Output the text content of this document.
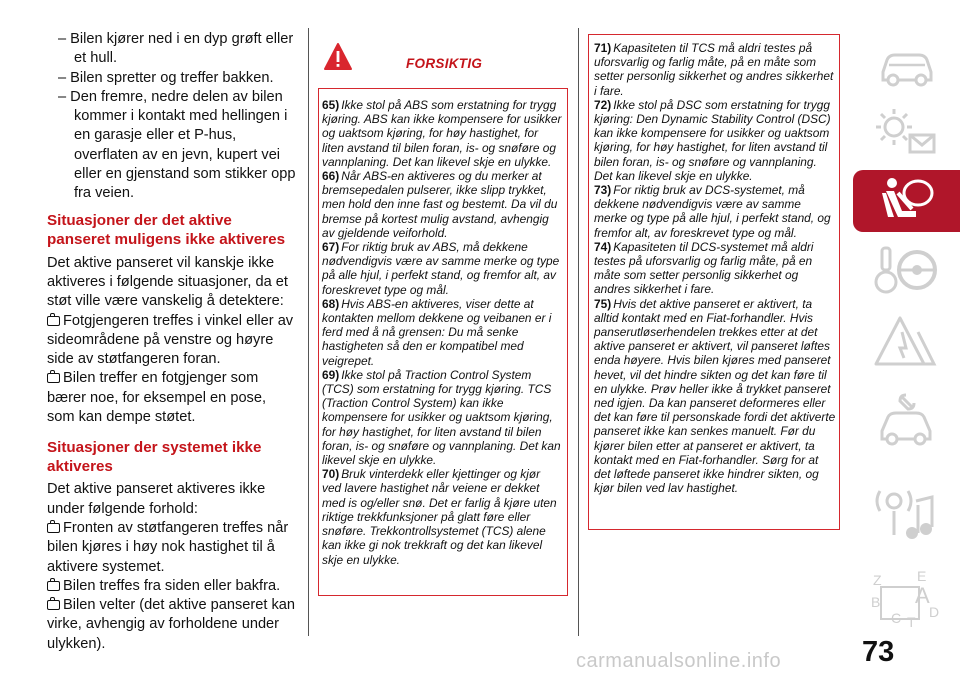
– Bilen kjører ned i en dyp grøft eller et hull.
– Bilen spretter og treffer bakken.
– Den fremre, nedre delen av bilen kommer i kontakt med hellingen i en garasje eller et P-hus, overflaten av en jevn, kupert vei eller en gjenstand som stikker opp fra veien.

Situasjoner der det aktive panseret muligens ikke aktiveres

Det aktive panseret vil kanskje ikke aktiveres i følgende situasjoner, da et støt ville være vanskelig å detektere:

Fotgjengeren treffes i vinkel eller av sideområdene på venstre og høyre side av støtfangeren foran.

Bilen treffer en fotgjenger som bærer noe, for eksempel en pose, som kan dempe støtet.

Situasjoner der systemet ikke aktiveres

Det aktive panseret aktiveres ikke under følgende forhold:

Fronten av støtfangeren treffes når bilen kjøres i høy nok hastighet til å aktivere systemet.

Bilen treffes fra siden eller bakfra.

Bilen velter (det aktive panseret kan virke, avhengig av forholdene under ulykken).

FORSIKTIG

65) Ikke stol på ABS som erstatning for trygg kjøring. ABS kan ikke kompensere for usikker og uaktsom kjøring, for høy hastighet, for liten avstand til bilen foran, is- og snøføre og vannplaning. Det kan likevel skje en ulykke.

66) Når ABS-en aktiveres og du merker at bremsepedalen pulserer, ikke slipp trykket, men hold den inne fast og bestemt. Da vil du bremse på kortest mulig avstand, avhengig av gjeldende veiforhold.

67) For riktig bruk av ABS, må dekkene nødvendigvis være av samme merke og type på alle hjul, i perfekt stand, og fremfor alt, av foreskrevet type og mål.

68) Hvis ABS-en aktiveres, viser dette at kontakten mellom dekkene og veibanen er i ferd med å nå grensen: Du må senke hastigheten så den er kompatibel med veigrepet.

69) Ikke stol på Traction Control System (TCS) som erstatning for trygg kjøring. TCS (Traction Control System) kan ikke kompensere for usikker og uaktsom kjøring, for høy hastighet, for liten avstand til bilen foran, is- og snøføre og vannplaning. Det kan likevel skje en ulykke.

70) Bruk vinterdekk eller kjettinger og kjør ved lavere hastighet når veiene er dekket med is og/eller snø. Det er farlig å kjøre uten riktige trekkfunksjoner på glatt føre eller snøføre. Trekkontrollsystemet (TCS) alene kan ikke gi nok trekkraft og det kan likevel skje en ulykke.

71) Kapasiteten til TCS må aldri testes på uforsvarlig og farlig måte, på en måte som setter personlig sikkerhet og andres sikkerhet i fare.

72) Ikke stol på DSC som erstatning for trygg kjøring: Den Dynamic Stability Control (DSC) kan ikke kompensere for usikker og uaktsom kjøring, for høy hastighet, for liten avstand til bilen foran, is- og snøføre og vannplaning. Det kan likevel skje en ulykke.

73) For riktig bruk av DCS-systemet, må dekkene nødvendigvis være av samme merke og type på alle hjul, i perfekt stand, og fremfor alt, av foreskrevet type og mål.

74) Kapasiteten til DCS-systemet må aldri testes på uforsvarlig og farlig måte, på en måte som setter personlig sikkerhet og andres sikkerhet i fare.

75) Hvis det aktive panseret er aktivert, ta alltid kontakt med en Fiat-forhandler. Hvis panserutløserhendelen trekkes etter at det aktive panseret er aktivert, vil panseret løftes enda høyere. Hvis bilen kjøres med panseret hevet, vil det hindre sikten og det kan føre til en ulykke. Prøv heller ikke å trykket panseret ned igjen. Da kan panseret deformeres eller det kan føre til personskade fordi det aktiverte panseret ikke kan senkes manuelt. Før du kjører bilen etter at panseret er aktivert, ta kontakt med en Fiat-forhandler. Sørg for at det løftede panseret ikke hindrer sikten, og kjør bilen ved lav hastighet.

Z	E
B A
C T
D
73
carmanualsonline.info
